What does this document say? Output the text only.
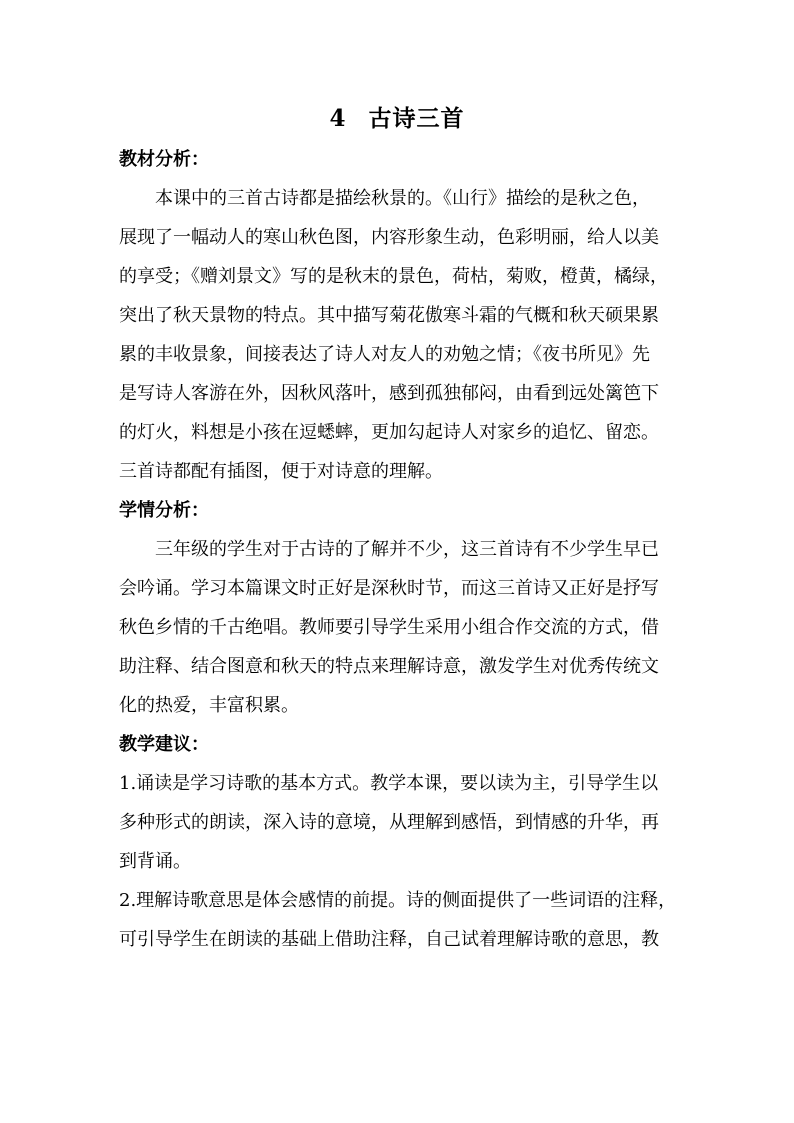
4 古诗三首
教材分析：
本课中的三首古诗都是描绘秋景的。《山行》描绘的是秋之色，
展现了一幅动人的寒山秋色图，内容形象生动，色彩明丽，给人以美
的享受；《赠刘景文》写的是秋末的景色，荷枯，菊败，橙黄，橘绿，
突出了秋天景物的特点。其中描写菊花傲寒斗霜的气概和秋天硕果累
累的丰收景象，间接表达了诗人对友人的劝勉之情；《夜书所见》先
是写诗人客游在外，因秋风落叶，感到孤独郁闷，由看到远处篱笆下
的灯火，料想是小孩在逗蟋蟀，更加勾起诗人对家乡的追忆、留恋。
三首诗都配有插图，便于对诗意的理解。
学情分析：
三年级的学生对于古诗的了解并不少，这三首诗有不少学生早已
会吟诵。学习本篇课文时正好是深秋时节，而这三首诗又正好是抒写
秋色乡情的千古绝唱。教师要引导学生采用小组合作交流的方式，借
助注释、结合图意和秋天的特点来理解诗意，激发学生对优秀传统文
化的热爱，丰富积累。
教学建议：
1.诵读是学习诗歌的基本方式。教学本课，要以读为主，引导学生以
多种形式的朗读，深入诗的意境，从理解到感悟，到情感的升华，再
到背诵。
2.理解诗歌意思是体会感情的前提。诗的侧面提供了一些词语的注释，
可引导学生在朗读的基础上借助注释，自己试着理解诗歌的意思，教
